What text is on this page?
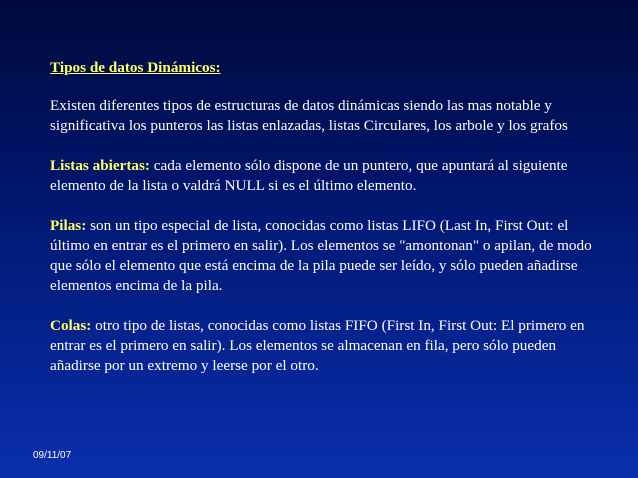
Tipos de datos Dinámicos:

Existen diferentes tipos de estructuras de datos dinámicas siendo las mas notable y significativa los punteros las listas enlazadas, listas Circulares, los arbole y los grafos

Listas abiertas: cada elemento sólo dispone de un puntero, que apuntará al siguiente elemento de la lista o valdrá NULL si es el último elemento.

Pilas: son un tipo especial de lista, conocidas como listas LIFO (Last In, First Out: el último en entrar es el primero en salir). Los elementos se "amontonan" o apilan, de modo que sólo el elemento que está encima de la pila puede ser leído, y sólo pueden añadirse elementos encima de la pila.

Colas: otro tipo de listas, conocidas como listas FIFO (First In, First Out: El primero en entrar es el primero en salir). Los elementos se almacenan en fila, pero sólo pueden añadirse por un extremo y leerse por el otro.

09/11/07
